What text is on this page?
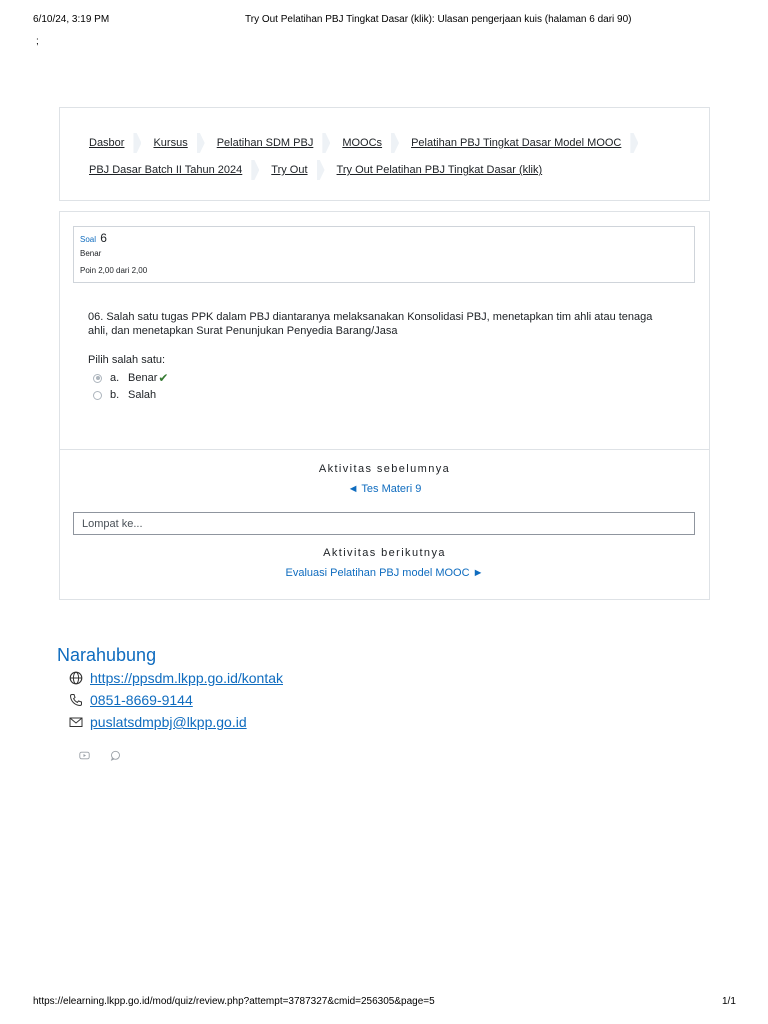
6/10/24, 3:19 PM	Try Out Pelatihan PBJ Tingkat Dasar (klik): Ulasan pengerjaan kuis (halaman 6 dari 90)
;
Dasbor	Kursus	Pelatihan SDM PBJ	MOOCs	Pelatihan PBJ Tingkat Dasar Model MOOC
PBJ Dasar Batch II Tahun 2024	Try Out	Try Out Pelatihan PBJ Tingkat Dasar (klik)
Soal 6
Benar
Poin 2,00 dari 2,00
06. Salah satu tugas PPK dalam PBJ diantaranya melaksanakan Konsolidasi PBJ, menetapkan tim ahli atau tenaga ahli, dan menetapkan Surat Penunjukan Penyedia Barang/Jasa
Pilih salah satu:
a. Benar ✔
b. Salah
Aktivitas sebelumnya
◄ Tes Materi 9
Lompat ke...
Aktivitas berikutnya
Evaluasi Pelatihan PBJ model MOOC ►
Narahubung
https://ppsdm.lkpp.go.id/kontak
0851-8669-9144
puslatsdmpbj@lkpp.go.id
https://elearning.lkpp.go.id/mod/quiz/review.php?attempt=3787327&cmid=256305&page=5	1/1
